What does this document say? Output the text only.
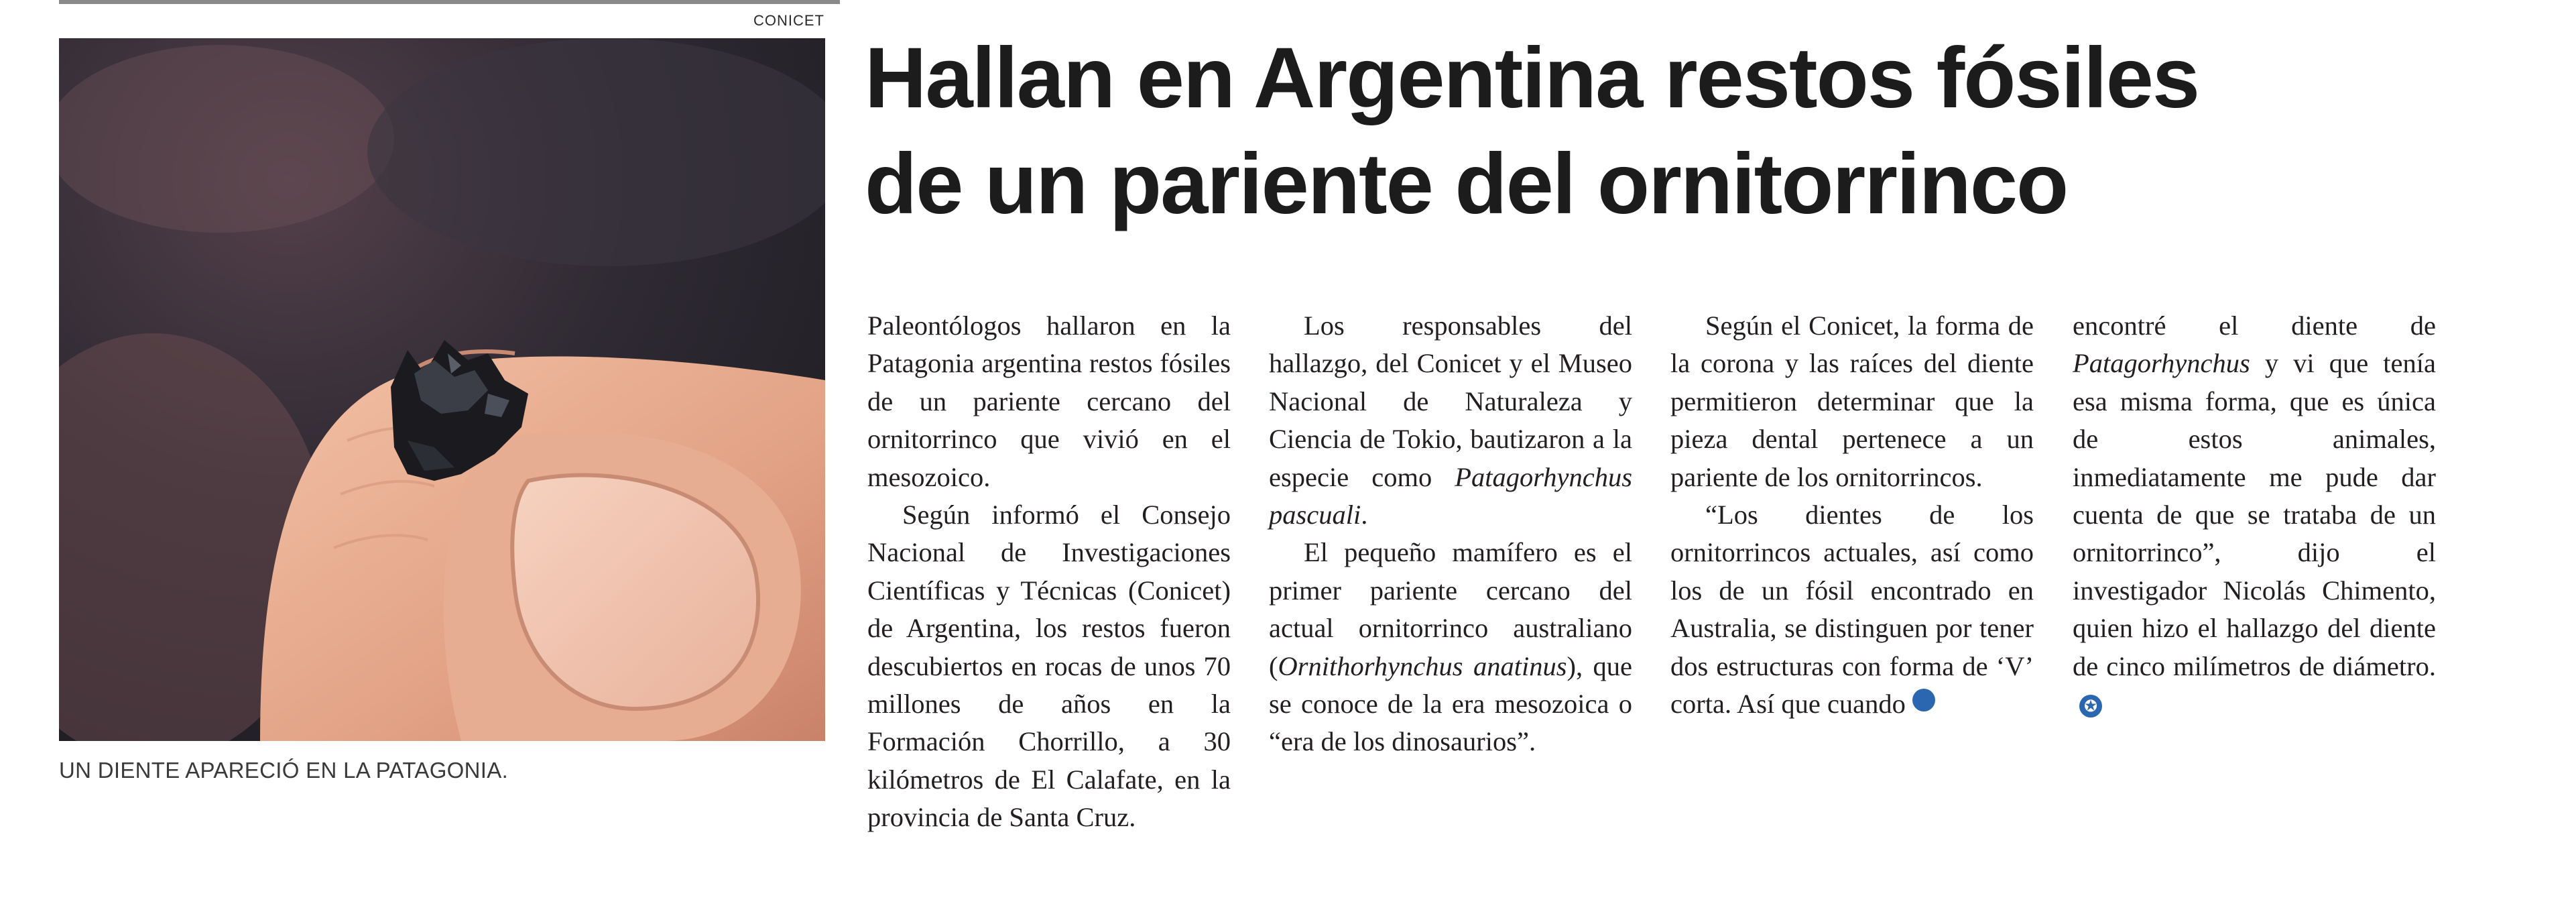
CONICET
UN DIENTE APARECIÓ EN LA PATAGONIA.
Hallan en Argentina restos fósiles
de un pariente del ornitorrinco

Paleontólogos hallaron en la Patagonia argentina restos fósiles de un pariente cercano del ornitorrinco que vivió en el mesozoico.

Según informó el Consejo Nacional de Investigaciones Científicas y Técnicas (Conicet) de Argentina, los restos fueron descubiertos en rocas de unos 70 millones de años en la Formación Chorrillo, a 30 kilómetros de El Calafate, en la provincia de Santa Cruz.

Los responsables del hallazgo, del Conicet y el Museo Nacional de Naturaleza y Ciencia de Tokio, bautizaron a la especie como Patagorhynchus pascuali.

El pequeño mamífero es el primer pariente cercano del actual ornitorrinco australiano (Ornithorhynchus anatinus), que se conoce de la era mesozoica o “era de los dinosaurios”.

Según el Conicet, la forma de la corona y las raíces del diente permitieron determinar que la pieza dental pertenece a un pariente de los ornitorrincos.

“Los dientes de los ornitorrincos actuales, así como los de un fósil encontrado en Australia, se distinguen por tener dos estructuras con forma de ‘V’ corta. Así que cuando

encontré el diente de Patagorhynchus y vi que tenía esa misma forma, que es única de estos animales, inmediatamente me pude dar cuenta de que se trataba de un ornitorrinco”, dijo el investigador Nicolás Chimento, quien hizo el hallazgo del diente de cinco milímetros de diámetro.✪
